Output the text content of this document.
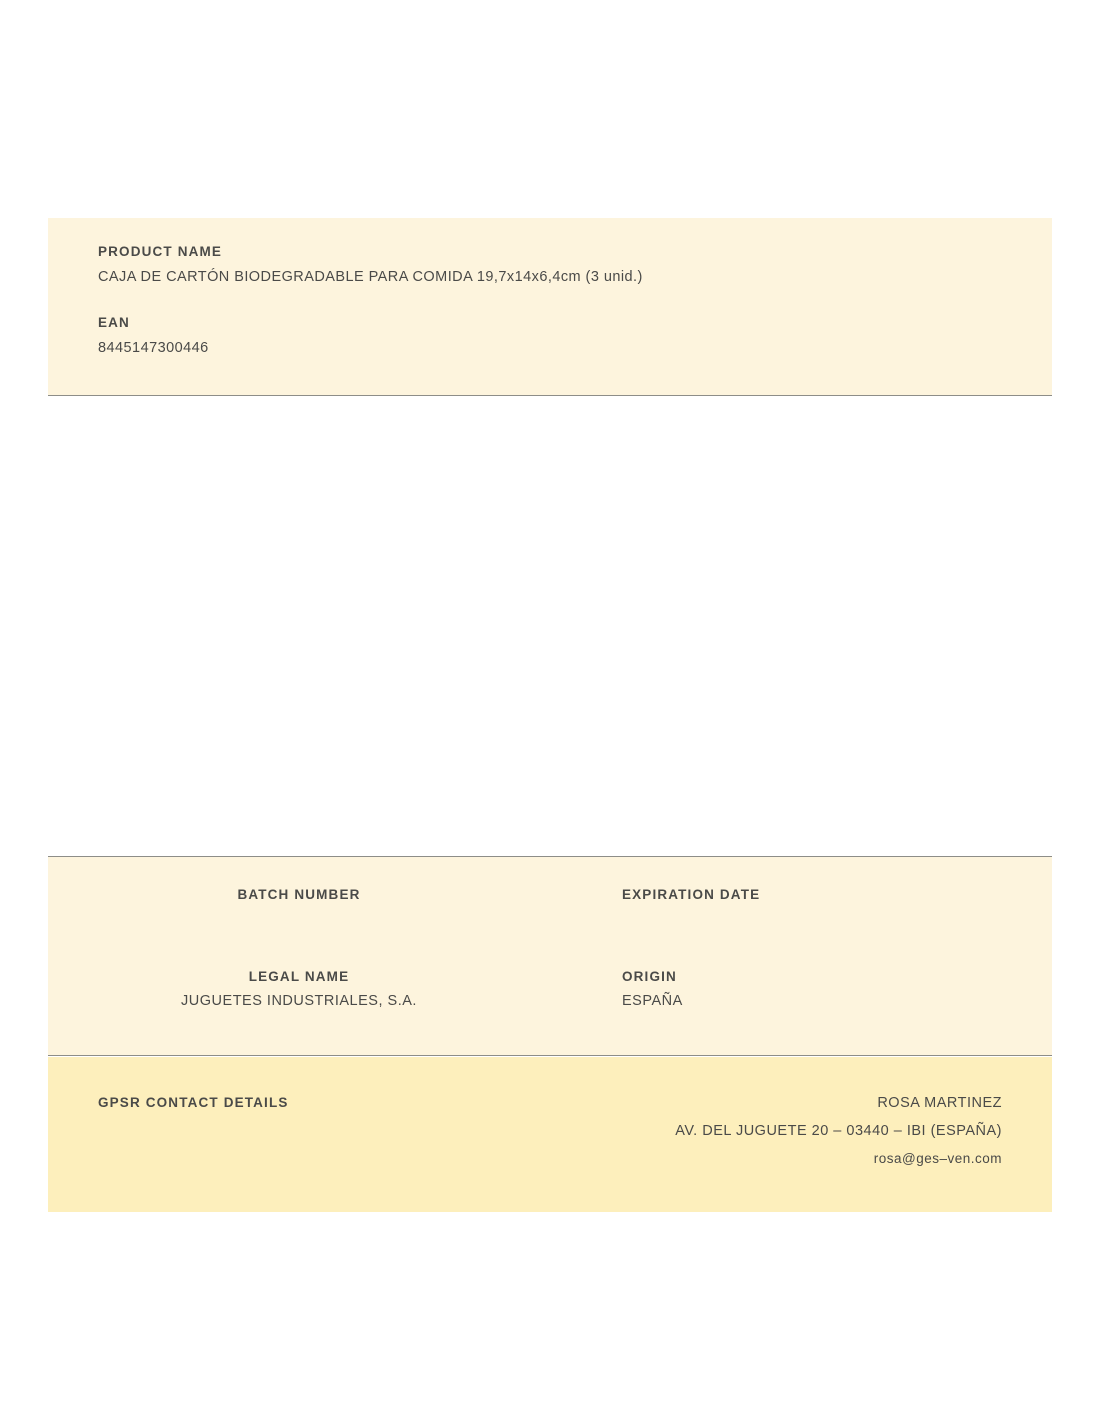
PRODUCT NAME

CAJA DE CARTÓN BIODEGRADABLE PARA COMIDA 19,7x14x6,4cm (3 unid.)

EAN

8445147300446

BATCH NUMBER	EXPIRATION DATE

LEGAL NAME

JUGUETES INDUSTRIALES, S.A.

ORIGIN

ESPAÑA

GPSR CONTACT DETAILS	ROSA MARTINEZ

AV. DEL JUGUETE 20 – 03440 – IBI (ESPAÑA)

rosa@ges–ven.com
